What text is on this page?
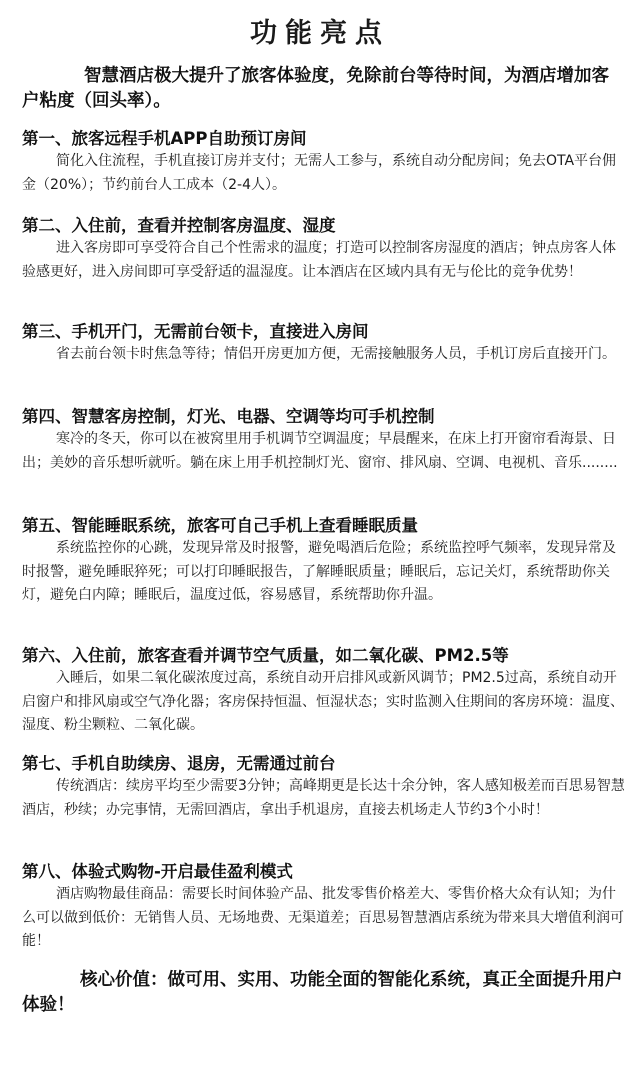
功能亮点
智慧酒店极大提升了旅客体验度，免除前台等待时间，为酒店增加客户粘度（回头率）。
第一、旅客远程手机APP自助预订房间
简化入住流程，手机直接订房并支付；无需人工参与，系统自动分配房间；免去OTA平台佣金（20%）；节约前台人工成本（2-4人）。
第二、入住前，查看并控制客房温度、湿度
进入客房即可享受符合自己个性需求的温度；打造可以控制客房湿度的酒店；钟点房客人体验感更好，进入房间即可享受舒适的温湿度。让本酒店在区域内具有无与伦比的竞争优势！
第三、手机开门，无需前台领卡，直接进入房间
省去前台领卡时焦急等待；情侣开房更加方便，无需接触服务人员，手机订房后直接开门。
第四、智慧客房控制，灯光、电器、空调等均可手机控制
寒冷的冬天，你可以在被窝里用手机调节空调温度；早晨醒来，在床上打开窗帘看海景、日出；美妙的音乐想听就听。躺在床上用手机控制灯光、窗帘、排风扇、空调、电视机、音乐........
第五、智能睡眠系统，旅客可自己手机上查看睡眠质量
系统监控你的心跳，发现异常及时报警，避免喝酒后危险；系统监控呼气频率，发现异常及时报警，避免睡眠猝死；可以打印睡眠报告，了解睡眠质量；睡眠后，忘记关灯，系统帮助你关灯，避免白内障；睡眠后，温度过低，容易感冒，系统帮助你升温。
第六、入住前，旅客查看并调节空气质量，如二氧化碳、PM2.5等
入睡后，如果二氧化碳浓度过高，系统自动开启排风或新风调节；PM2.5过高，系统自动开启窗户和排风扇或空气净化器；客房保持恒温、恒湿状态；实时监测入住期间的客房环境：温度、湿度、粉尘颗粒、二氧化碳。
第七、手机自助续房、退房，无需通过前台
传统酒店：续房平均至少需要3分钟；高峰期更是长达十余分钟，客人感知极差而百思易智慧酒店，秒续；办完事情，无需回酒店，拿出手机退房，直接去机场走人节约3个小时！
第八、体验式购物-开启最佳盈利模式
酒店购物最佳商品：需要长时间体验产品、批发零售价格差大、零售价格大众有认知；为什么可以做到低价：无销售人员、无场地费、无渠道差；百思易智慧酒店系统为带来具大增值利润可能！
核心价值：做可用、实用、功能全面的智能化系统，真正全面提升用户体验！
